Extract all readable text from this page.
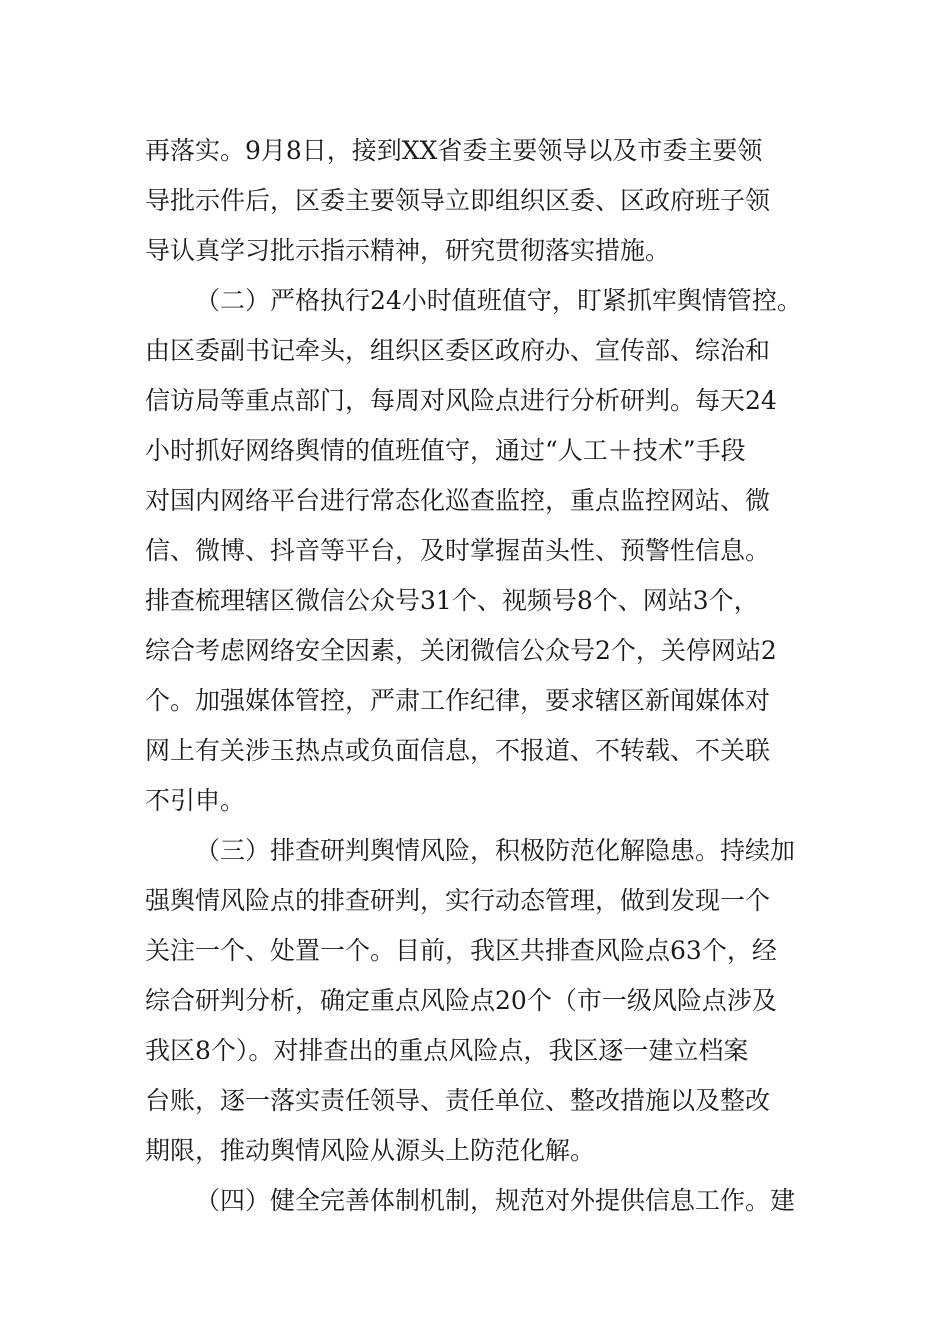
再落实。9月8日，接到XX省委主要领导以及市委主要领
导批示件后，区委主要领导立即组织区委、区政府班子领
导认真学习批示指示精神，研究贯彻落实措施。
（二）严格执行24小时值班值守，盯紧抓牢舆情管控。
由区委副书记牵头，组织区委区政府办、宣传部、综治和
信访局等重点部门，每周对风险点进行分析研判。每天24
小时抓好网络舆情的值班值守，通过“人工＋技术”手段
对国内网络平台进行常态化巡查监控，重点监控网站、微
信、微博、抖音等平台，及时掌握苗头性、预警性信息。
排查梳理辖区微信公众号31个、视频号8个、网站3个，
综合考虑网络安全因素，关闭微信公众号2个，关停网站2
个。加强媒体管控，严肃工作纪律，要求辖区新闻媒体对
网上有关涉玉热点或负面信息，不报道、不转载、不关联
不引申。
（三）排查研判舆情风险，积极防范化解隐患。持续加
强舆情风险点的排查研判，实行动态管理，做到发现一个
关注一个、处置一个。目前，我区共排查风险点63个，经
综合研判分析，确定重点风险点20个（市一级风险点涉及
我区8个）。对排查出的重点风险点，我区逐一建立档案
台账，逐一落实责任领导、责任单位、整改措施以及整改
期限，推动舆情风险从源头上防范化解。
（四）健全完善体制机制，规范对外提供信息工作。建
